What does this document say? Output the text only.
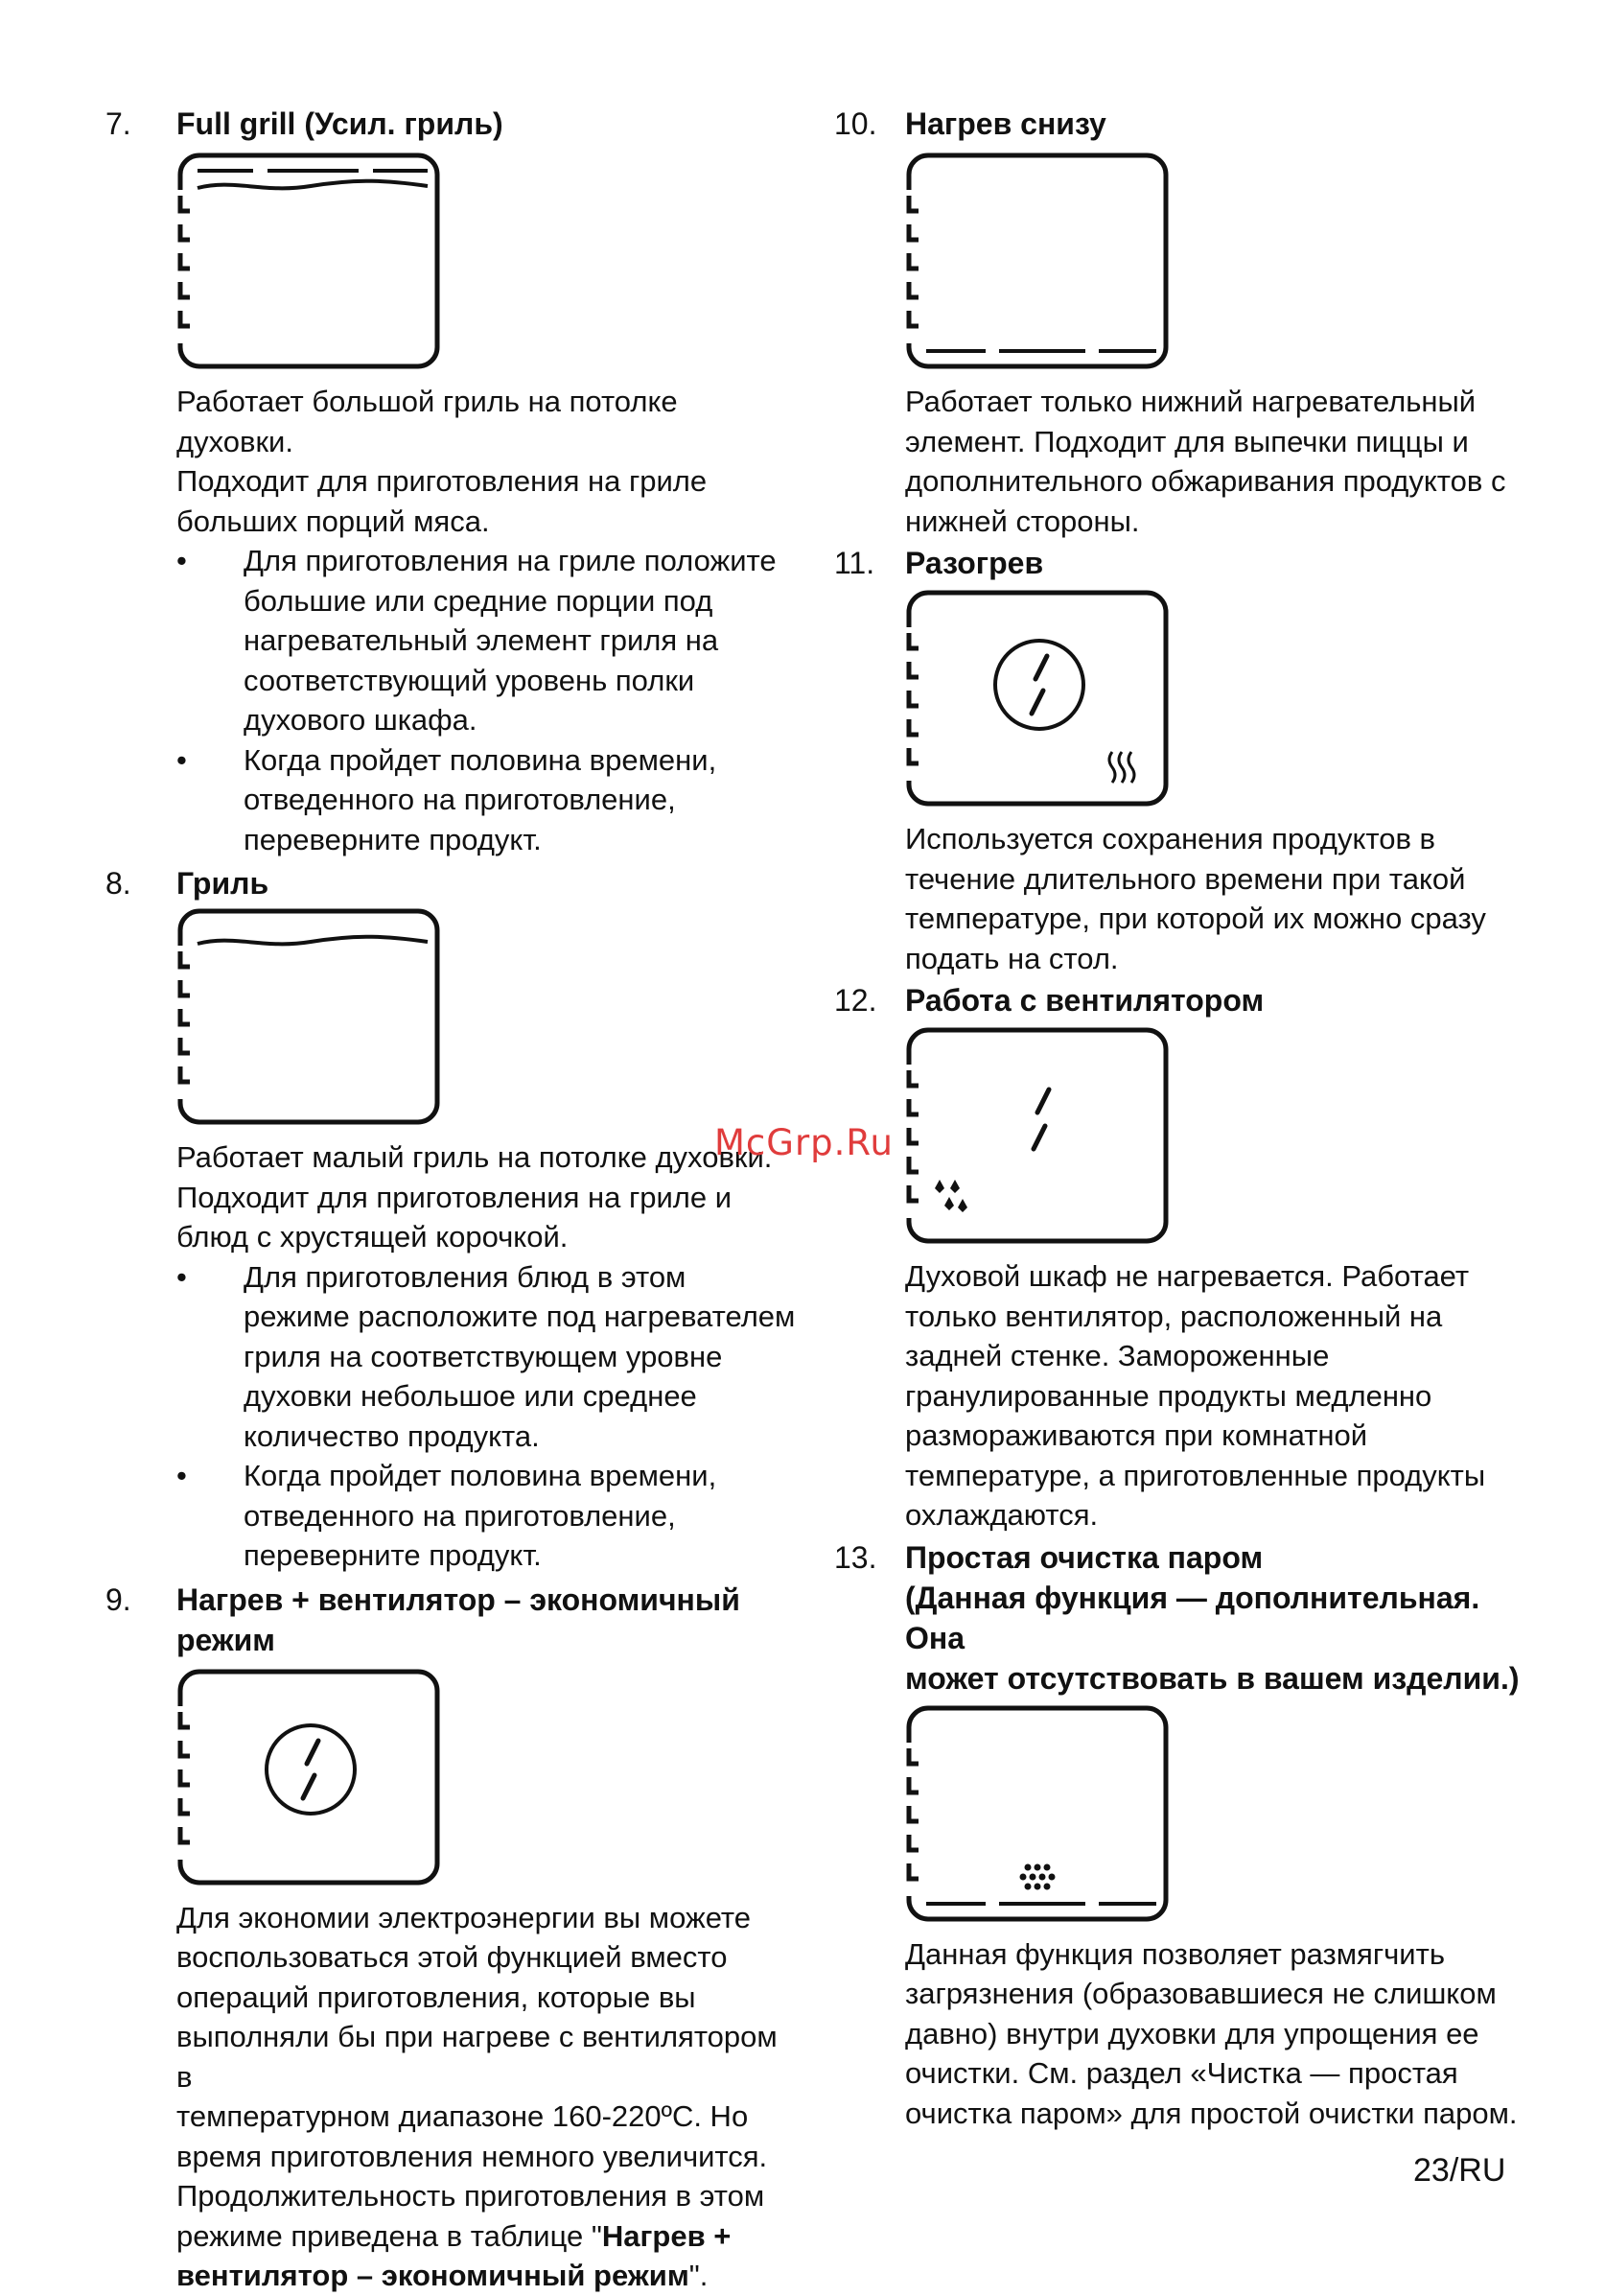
7. Full grill (Усил. гриль)
Работает большой гриль на потолке духовки.
Подходит для приготовления на гриле
больших порций мяса.
• Для приготовления на гриле положите
большие или средние порции под
нагревательный элемент гриля на
соответствующий уровень полки
духового шкафа.
• Когда пройдет половина времени,
отведенного на приготовление,
переверните продукт.
8. Гриль
Работает малый гриль на потолке духовки.
Подходит для приготовления на гриле и
блюд с хрустящей корочкой.
• Для приготовления блюд в этом
режиме расположите под нагревателем
гриля на соответствующем уровне
духовки небольшое или среднее
количество продукта.
• Когда пройдет половина времени,
отведенного на приготовление,
переверните продукт.
9. Нагрев + вентилятор – экономичный
режим
Для экономии электроэнергии вы можете
воспользоваться этой функцией вместо
операций приготовления, которые вы
выполняли бы при нагреве с вентилятором в
температурном диапазоне 160-220ºC. Но
время приготовления немного увеличится.
Продолжительность приготовления в этом
режиме приведена в таблице "Нагрев +
вентилятор – экономичный режим".
10. Нагрев снизу
Работает только нижний нагревательный
элемент. Подходит для выпечки пиццы и
дополнительного обжаривания продуктов с
нижней стороны.
11. Разогрев
Используется сохранения продуктов в
течение длительного времени при такой
температуре, при которой их можно сразу
подать на стол.
12. Работа с вентилятором
Духовой шкаф не нагревается. Работает
только вентилятор, расположенный на
задней стенке. Замороженные
гранулированные продукты медленно
размораживаются при комнатной
температуре, а приготовленные продукты
охлаждаются.
13. Простая очистка паром
(Данная функция — дополнительная. Она
может отсутствовать в вашем изделии.)
Данная функция позволяет размягчить
загрязнения (образовавшиеся не слишком
давно) внутри духовки для упрощения ее
очистки. См. раздел «Чистка — простая
очистка паром» для простой очистки паром.
McGrp.Ru
23/RU
